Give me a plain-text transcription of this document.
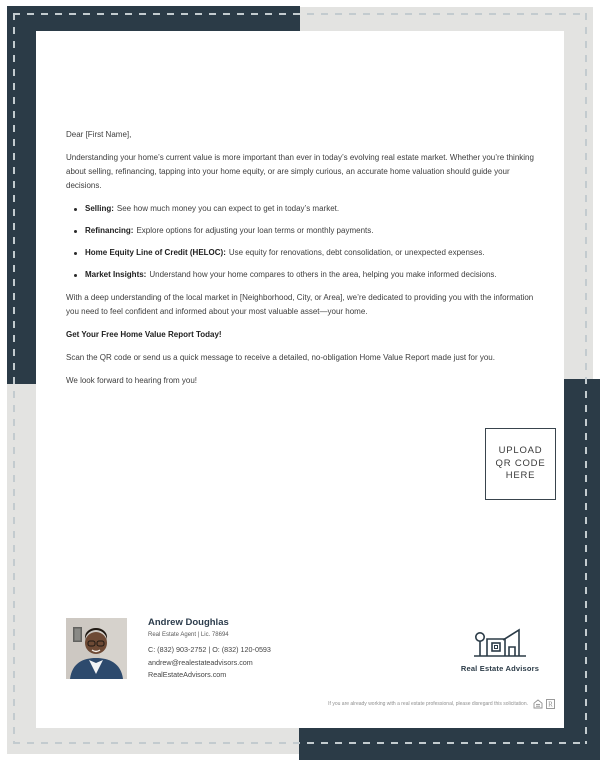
Dear [First Name],

Understanding your home’s current value is more important than ever in today’s evolving real estate market. Whether you’re thinking about selling, refinancing, tapping into your home equity, or are simply curious, an accurate home valuation should guide your decisions.

Selling: See how much money you can expect to get in today’s market.
Refinancing: Explore options for adjusting your loan terms or monthly payments.
Home Equity Line of Credit (HELOC): Use equity for renovations, debt consolidation, or unexpected expenses.
Market Insights: Understand how your home compares to others in the area, helping you make informed decisions.

With a deep understanding of the local market in [Neighborhood, City, or Area], we’re dedicated to providing you with the information you need to feel confident and informed about your most valuable asset—your home.

Get Your Free Home Value Report Today!

Scan the QR code or send us a quick message to receive a detailed, no-obligation Home Value Report made just for you.

We look forward to hearing from you!

UPLOAD
QR CODE
HERE
Andrew Doughlas
Real Estate Agent | Lic. 78694
C: (832) 903-2752 | O: (832) 120-0593
andrew@realestateadvisors.com
RealEstateAdvisors.com
Real Estate Advisors
If you are already working with a real estate professional, please disregard this solicitation.	R
